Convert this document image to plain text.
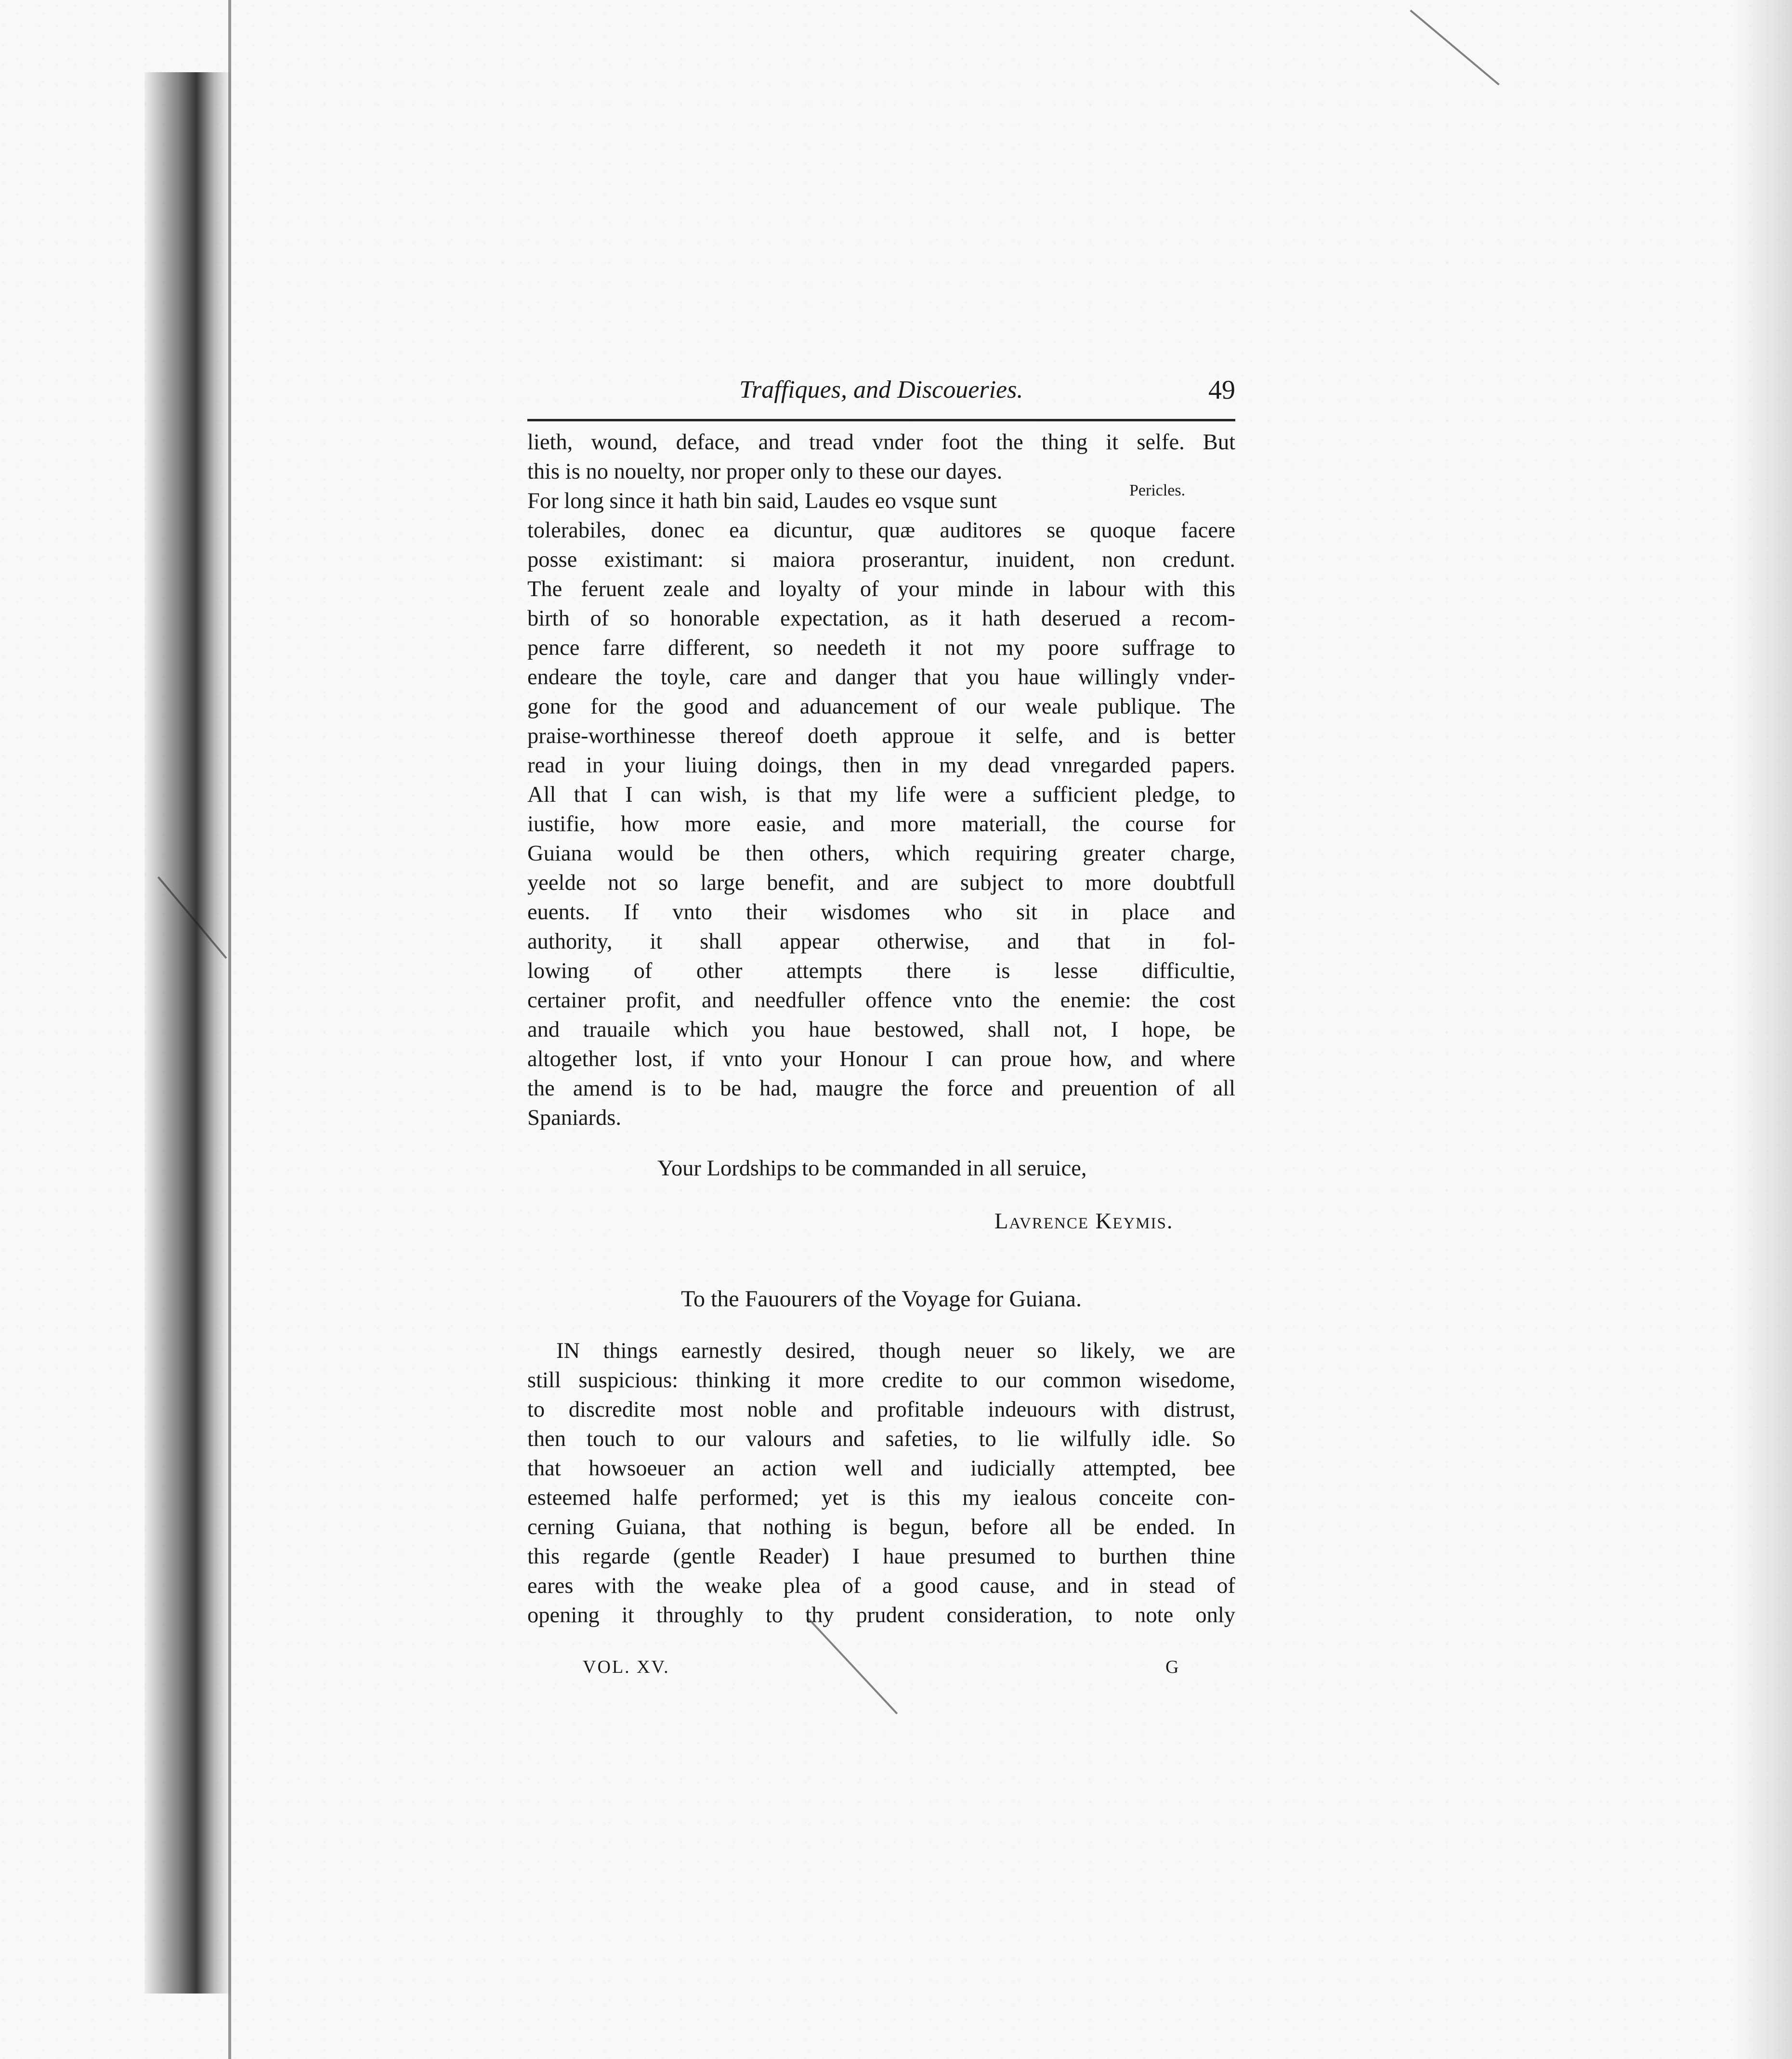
Traffiques, and Discoueries.	49
lieth, wound, deface, and tread vnder foot the thing it selfe. But
this is no nouelty, nor proper only to these our dayes.
For long since it hath bin said, Laudes eo vsque sunt
tolerabiles, donec ea dicuntur, quæ auditores se quoque facere
posse existimant: si maiora proserantur, inuident, non credunt.
The feruent zeale and loyalty of your minde in labour with this
birth of so honorable expectation, as it hath deserued a recom-
pence farre different, so needeth it not my poore suffrage to
endeare the toyle, care and danger that you haue willingly vnder-
gone for the good and aduancement of our weale publique. The
praise-worthinesse thereof doeth approue it selfe, and is better
read in your liuing doings, then in my dead vnregarded papers.
All that I can wish, is that my life were a sufficient pledge, to
iustifie, how more easie, and more materiall, the course for
Guiana would be then others, which requiring greater charge,
yeelde not so large benefit, and are subject to more doubtfull
euents. If vnto their wisdomes who sit in place and
authority, it shall appear otherwise, and that in fol-
lowing of other attempts there is lesse difficultie,
certainer profit, and needfuller offence vnto the enemie: the cost
and trauaile which you haue bestowed, shall not, I hope, be
altogether lost, if vnto your Honour I can proue how, and where
the amend is to be had, maugre the force and preuention of all
Spaniards.
Pericles.
Your Lordships to be commanded in all seruice,
Lavrence Keymis.
To the Fauourers of the Voyage for Guiana.
IN things earnestly desired, though neuer so likely, we are
still suspicious: thinking it more credite to our common wisedome,
to discredite most noble and profitable indeuours with distrust,
then touch to our valours and safeties, to lie wilfully idle. So
that howsoeuer an action well and iudicially attempted, bee
esteemed halfe performed; yet is this my iealous conceite con-
cerning Guiana, that nothing is begun, before all be ended. In
this regarde (gentle Reader) I haue presumed to burthen thine
eares with the weake plea of a good cause, and in stead of
opening it throughly to thy prudent consideration, to note only
VOL. XV.	G
